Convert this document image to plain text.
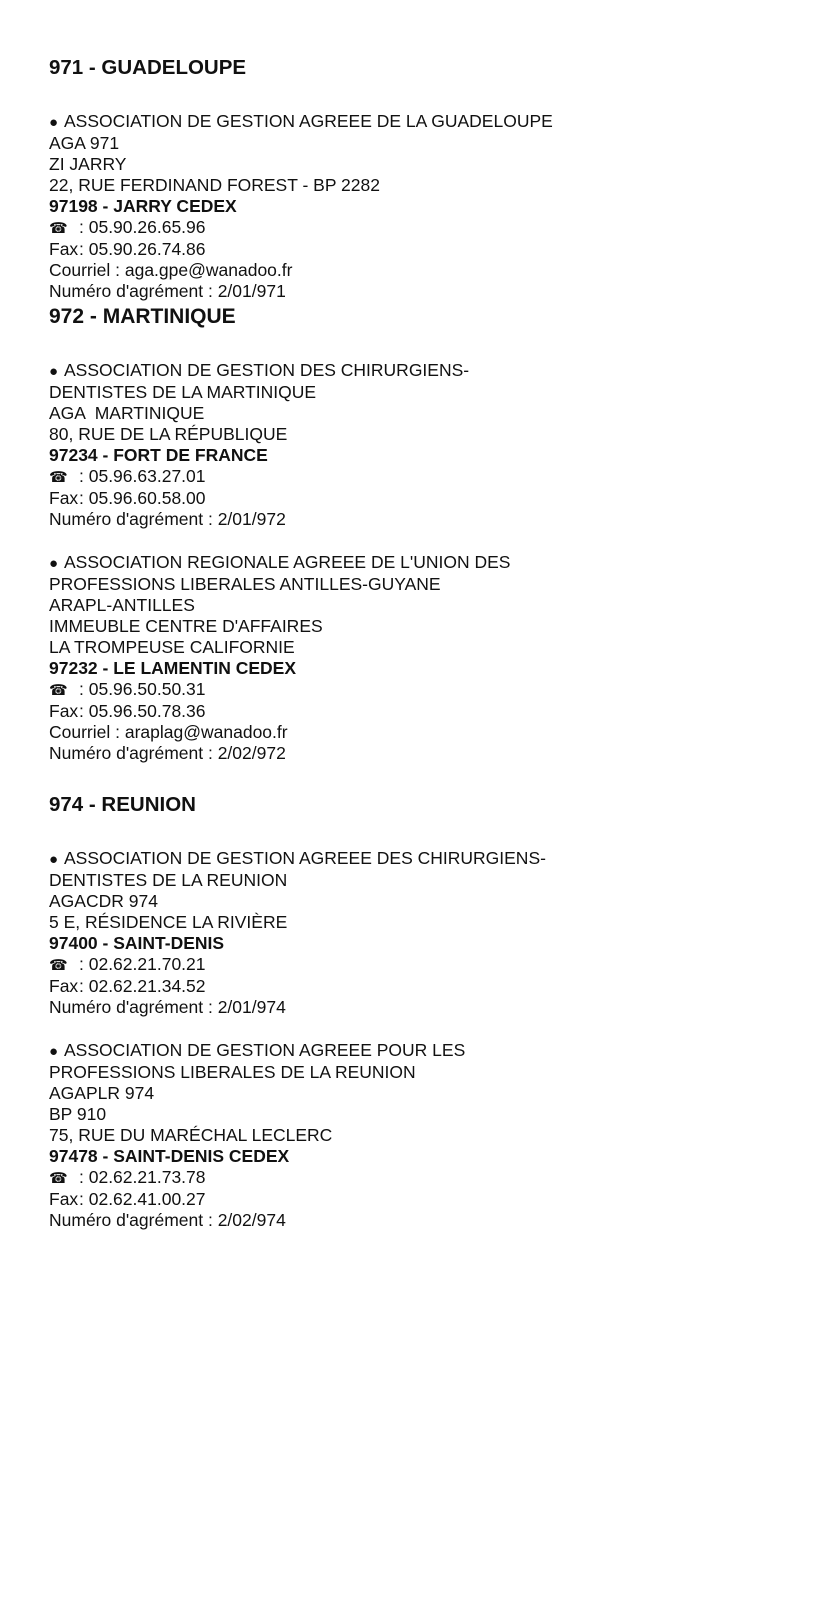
971 - GUADELOUPE
● ASSOCIATION DE GESTION AGREEE DE LA GUADELOUPE
AGA 971
ZI JARRY
22, RUE FERDINAND FOREST - BP 2282
97198 - JARRY CEDEX
☎ : 05.90.26.65.96
Fax: 05.90.26.74.86
Courriel : aga.gpe@wanadoo.fr
Numéro d'agrément : 2/01/971
972 - MARTINIQUE
● ASSOCIATION DE GESTION DES CHIRURGIENS-
DENTISTES DE LA MARTINIQUE
AGA  MARTINIQUE
80, RUE DE LA RÉPUBLIQUE
97234 - FORT DE FRANCE
☎ : 05.96.63.27.01
Fax: 05.96.60.58.00
Numéro d'agrément : 2/01/972
● ASSOCIATION REGIONALE AGREEE DE L'UNION DES
PROFESSIONS LIBERALES ANTILLES-GUYANE
ARAPL-ANTILLES
IMMEUBLE CENTRE D'AFFAIRES
LA TROMPEUSE CALIFORNIE
97232 - LE LAMENTIN CEDEX
☎ : 05.96.50.50.31
Fax: 05.96.50.78.36
Courriel : araplag@wanadoo.fr
Numéro d'agrément : 2/02/972
974 - REUNION
● ASSOCIATION DE GESTION AGREEE DES CHIRURGIENS-
DENTISTES DE LA REUNION
AGACDR 974
5 E, RÉSIDENCE LA RIVIÈRE
97400 - SAINT-DENIS
☎ : 02.62.21.70.21
Fax: 02.62.21.34.52
Numéro d'agrément : 2/01/974
● ASSOCIATION DE GESTION AGREEE POUR LES
PROFESSIONS LIBERALES DE LA REUNION
AGAPLR 974
BP 910
75, RUE DU MARÉCHAL LECLERC
97478 - SAINT-DENIS CEDEX
☎ : 02.62.21.73.78
Fax: 02.62.41.00.27
Numéro d'agrément : 2/02/974
